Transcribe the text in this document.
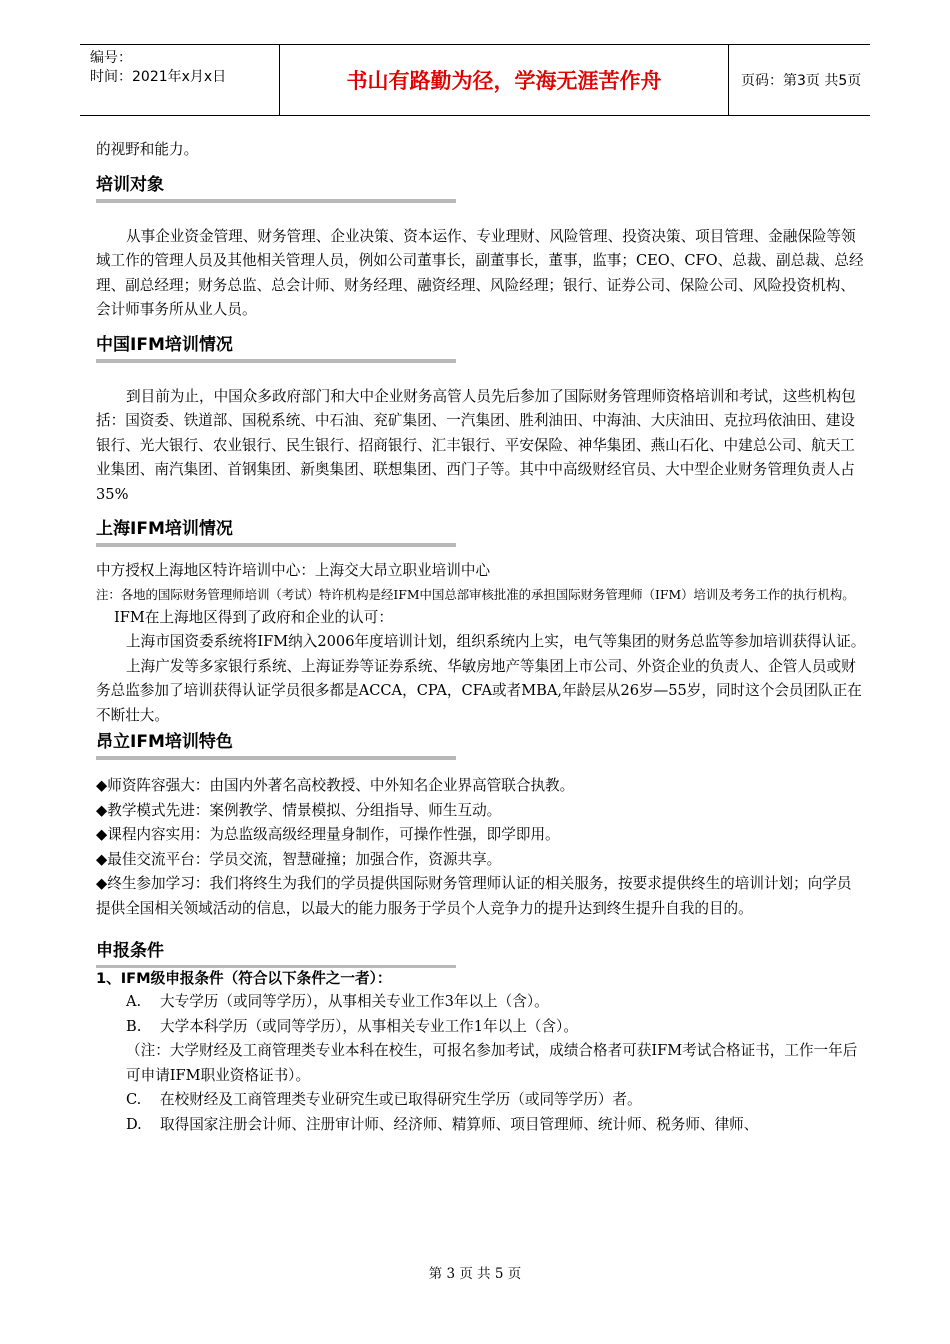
编号：
时间：2021年x月x日	书山有路勤为径，学海无涯苦作舟	页码：第3页 共5页

的视野和能力。

培训对象

从事企业资金管理、财务管理、企业决策、资本运作、专业理财、风险管理、投资决策、项目管理、金融保险等领域工作的管理人员及其他相关管理人员，例如公司董事长，副董事长，董事，监事；CEO、CFO、总裁、副总裁、总经理、副总经理；财务总监、总会计师、财务经理、融资经理、风险经理；银行、证券公司、保险公司、风险投资机构、会计师事务所从业人员。

中国IFM培训情况

到目前为止，中国众多政府部门和大中企业财务高管人员先后参加了国际财务管理师资格培训和考试，这些机构包括：国资委、铁道部、国税系统、中石油、兖矿集团、一汽集团、胜利油田、中海油、大庆油田、克拉玛依油田、建设银行、光大银行、农业银行、民生银行、招商银行、汇丰银行、平安保险、神华集团、燕山石化、中建总公司、航天工业集团、南汽集团、首钢集团、新奥集团、联想集团、西门子等。其中中高级财经官员、大中型企业财务管理负责人占35%

上海IFM培训情况

中方授权上海地区特许培训中心：上海交大昂立职业培训中心

注：各地的国际财务管理师培训（考试）特许机构是经IFM中国总部审核批准的承担国际财务管理师（IFM）培训及考务工作的执行机构。

IFM在上海地区得到了政府和企业的认可：

上海市国资委系统将IFM纳入2006年度培训计划，组织系统内上实，电气等集团的财务总监等参加培训获得认证。

上海广发等多家银行系统、上海证券等证券系统、华敏房地产等集团上市公司、外资企业的负责人、企管人员或财务总监参加了培训获得认证学员很多都是ACCA，CPA，CFA或者MBA,年龄层从26岁—55岁，同时这个会员团队正在不断壮大。

昂立IFM培训特色

◆师资阵容强大：由国内外著名高校教授、中外知名企业界高管联合执教。

◆教学模式先进：案例教学、情景模拟、分组指导、师生互动。

◆课程内容实用：为总监级高级经理量身制作，可操作性强，即学即用。

◆最佳交流平台：学员交流，智慧碰撞；加强合作，资源共享。

◆终生参加学习：我们将终生为我们的学员提供国际财务管理师认证的相关服务，按要求提供终生的培训计划；向学员提供全国相关领域活动的信息，以最大的能力服务于学员个人竞争力的提升达到终生提升自我的目的。

申报条件

1、IFM级申报条件（符合以下条件之一者）：

A.	大专学历（或同等学历），从事相关专业工作3年以上（含）。
B.	大学本科学历（或同等学历），从事相关专业工作1年以上（含）。

（注：大学财经及工商管理类专业本科在校生，可报名参加考试，成绩合格者可获IFM考试合格证书，工作一年后可申请IFM职业资格证书）。

C.	在校财经及工商管理类专业研究生或已取得研究生学历（或同等学历）者。
D.	取得国家注册会计师、注册审计师、经济师、精算师、项目管理师、统计师、税务师、律师、
第 3 页 共 5 页
